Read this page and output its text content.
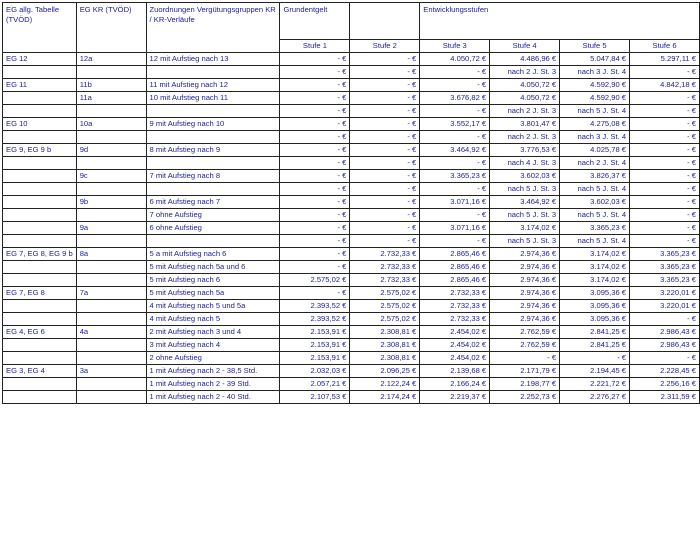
EG allg. Tabelle (TVÖD)	EG KR (TVÖD)	Zuordnungen Vergütungsgruppen KR / KR-Verläufe	Grundentgelt		Entwicklungsstufen			
			Stufe 1	Stufe 2	Stufe 3	Stufe 4	Stufe 5	Stufe 6
EG 12	12a	12 mit Aufstieg nach 13	- €	- €	4.050,72 €	4.486,96 €	5.047,84 €	5.297,11 €
			- €	- €	- €	nach 2 J. St. 3	nach 3 J. St. 4	- €
EG 11	11b	11 mit Aufstieg nach 12	- €	- €	- €	4.050,72 €	4.592,90 €	4.842,18 €
	11a	10 mit Aufstieg nach 11	- €	- €	3.676,82 €	4.050,72 €	4.592,90 €	- €
			- €	- €	- €	nach 2 J. St. 3	nach 5 J. St. 4	- €
EG 10	10a	9 mit Aufstieg nach 10	- €	- €	3.552,17 €	3.801,47 €	4.275,08 €	- €
			- €	- €	- €	nach 2 J. St. 3	nach 3 J. St. 4	- €
EG 9, EG 9 b	9d	8 mit Aufstieg nach 9	- €	- €	3.464,92 €	3.776,53 €	4.025,78 €	- €
			- €	- €	- €	nach 4 J. St. 3	nach 2 J. St. 4	- €
	9c	7 mit Aufstieg nach 8	- €	- €	3.365,23 €	3.602,03 €	3.826,37 €	- €
			- €	- €	- €	nach 5 J. St. 3	nach 5 J. St. 4	- €
	9b	6 mit Aufstieg nach 7	- €	- €	3.071,16 €	3.464,92 €	3.602,03 €	- €
		7 ohne Aufstieg	- €	- €	- €	nach 5 J. St. 3	nach 5 J. St. 4	- €
	9a	6 ohne Aufstieg	- €	- €	3.071,16 €	3.174,02 €	3.365,23 €	- €
			- €	- €	- €	nach 5 J. St. 3	nach 5 J. St. 4	- €
EG 7, EG 8, EG 9 b	8a	5 a mit Aufstieg nach 6	- €	2.732,33 €	2.865,46 €	2.974,36 €	3.174,02 €	3.365,23 €
		5 mit Aufstieg nach 5a und 6	- €	2.732,33 €	2.865,46 €	2.974,36 €	3.174,02 €	3.365,23 €
		5 mit Aufstieg nach 6	2.575,02 €	2.732,33 €	2.865,46 €	2.974,36 €	3.174,02 €	3.365,23 €
EG 7, EG 8	7a	5 mit Aufstieg nach 5a	- €	2.575,02 €	2.732,33 €	2.974,36 €	3.095,36 €	3.220,01 €
		4 mit Aufstieg nach 5 und 5a	2.393,52 €	2.575,02 €	2.732,33 €	2.974,36 €	3.095,36 €	3.220,01 €
		4 mit Aufstieg nach 5	2.393,52 €	2.575,02 €	2.732,33 €	2.974,36 €	3.095,36 €	- €
EG 4, EG 6	4a	2 mit Aufstieg nach 3 und 4	2.153,91 €	2.308,81 €	2.454,02 €	2.762,59 €	2.841,25 €	2.986,43 €
		3 mit Aufstieg nach 4	2.153,91 €	2.308,81 €	2.454,02 €	2.762,59 €	2.841,25 €	2.986,43 €
		2 ohne Aufstieg	2.153,91 €	2.308,81 €	2.454,02 €	- €	- €	- €
EG 3, EG 4	3a	1 mit Aufstieg nach 2 - 38,5 Std.	2.032,03 €	2.096,25 €	2.139,68 €	2.171,79 €	2.194,45 €	2.228,45 €
		1 mit Aufstieg nach 2 - 39 Std.	2.057,21 €	2.122,24 €	2.166,24 €	2.198,77 €	2.221,72 €	2.256,16 €
		1 mit Aufstieg nach 2 - 40 Std.	2.107,53 €	2.174,24 €	2.219,37 €	2.252,73 €	2.276,27 €	2.311,59 €
